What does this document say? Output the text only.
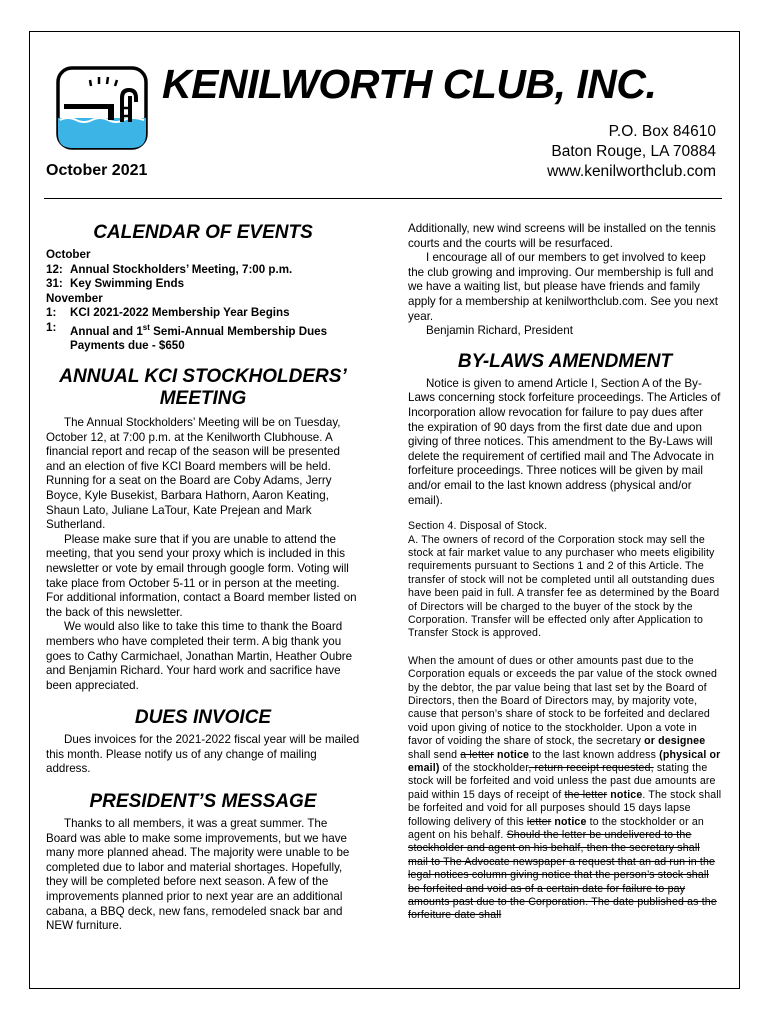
KENILWORTH CLUB, INC.
P.O. Box 84610
Baton Rouge, LA 70884
www.kenilworthclub.com
October 2021
CALENDAR OF EVENTS
October
12: Annual Stockholders’ Meeting, 7:00 p.m.
31: Key Swimming Ends
November
1:	KCI 2021-2022 Membership Year Begins
1:	Annual and 1st Semi-Annual Membership Dues
Payments due - $650
ANNUAL KCI STOCKHOLDERS’ MEETING

The Annual Stockholders’ Meeting will be on Tuesday, October 12, at 7:00 p.m. at the Kenilworth Clubhouse. A financial report and recap of the season will be presented and an election of five KCI Board members will be held. Running for a seat on the Board are Coby Adams, Jerry Boyce, Kyle Busekist, Barbara Hathorn, Aaron Keating, Shaun Lato, Juliane LaTour, Kate Prejean and Mark Sutherland.

Please make sure that if you are unable to attend the meeting, that you send your proxy which is included in this newsletter or vote by email through google form. Voting will take place from October 5-11 or in person at the meeting. For additional information, contact a Board member listed on the back of this newsletter.

We would also like to take this time to thank the Board members who have completed their term. A big thank you goes to Cathy Carmichael, Jonathan Martin, Heather Oubre and Benjamin Richard. Your hard work and sacrifice have been appreciated.

DUES INVOICE

Dues invoices for the 2021-2022 fiscal year will be mailed this month. Please notify us of any change of mailing address.

PRESIDENT’S MESSAGE

Thanks to all members, it was a great summer. The Board was able to make some improvements, but we have many more planned ahead. The majority were unable to be completed due to labor and material shortages. Hopefully, they will be completed before next season. A few of the improvements planned prior to next year are an additional cabana, a BBQ deck, new fans, remodeled snack bar and NEW furniture.

Additionally, new wind screens will be installed on the tennis courts and the courts will be resurfaced.

I encourage all of our members to get involved to keep the club growing and improving. Our membership is full and we have a waiting list, but please have friends and family apply for a membership at kenilworthclub.com. See you next year.

Benjamin Richard, President

BY-LAWS AMENDMENT

Notice is given to amend Article I, Section A of the By-Laws concerning stock forfeiture proceedings. The Articles of Incorporation allow revocation for failure to pay dues after the expiration of 90 days from the first date due and upon giving of three notices. This amendment to the By-Laws will delete the requirement of certified mail and The Advocate in forfeiture proceedings. Three notices will be given by mail and/or email to the last known address (physical and/or email).

Section 4. Disposal of Stock.

A. The owners of record of the Corporation stock may sell the stock at fair market value to any purchaser who meets eligibility requirements pursuant to Sections 1 and 2 of this Article. The transfer of stock will not be completed until all outstanding dues have been paid in full. A transfer fee as determined by the Board of Directors will be charged to the buyer of the stock by the Corporation. Transfer will be effected only after Application to Transfer Stock is approved.

When the amount of dues or other amounts past due to the Corporation equals or exceeds the par value of the stock owned by the debtor, the par value being that last set by the Board of Directors, then the Board of Directors may, by majority vote, cause that person’s share of stock to be forfeited and declared void upon giving of notice to the stockholder. Upon a vote in favor of voiding the share of stock, the secretary or designee shall send a letter notice to the last known address (physical or email) of the stockholder, return receipt requested, stating the stock will be forfeited and void unless the past due amounts are paid within 15 days of receipt of the letter notice. The stock shall be forfeited and void for all purposes should 15 days lapse following delivery of this letter notice to the stockholder or an agent on his behalf. Should the letter be undelivered to the stockholder and agent on his behalf, then the secretary shall mail to The Advocate newspaper a request that an ad run in the legal notices column giving notice that the person’s stock shall be forfeited and void as of a certain date for failure to pay amounts past due to the Corporation. The date published as the forfeiture date shall
